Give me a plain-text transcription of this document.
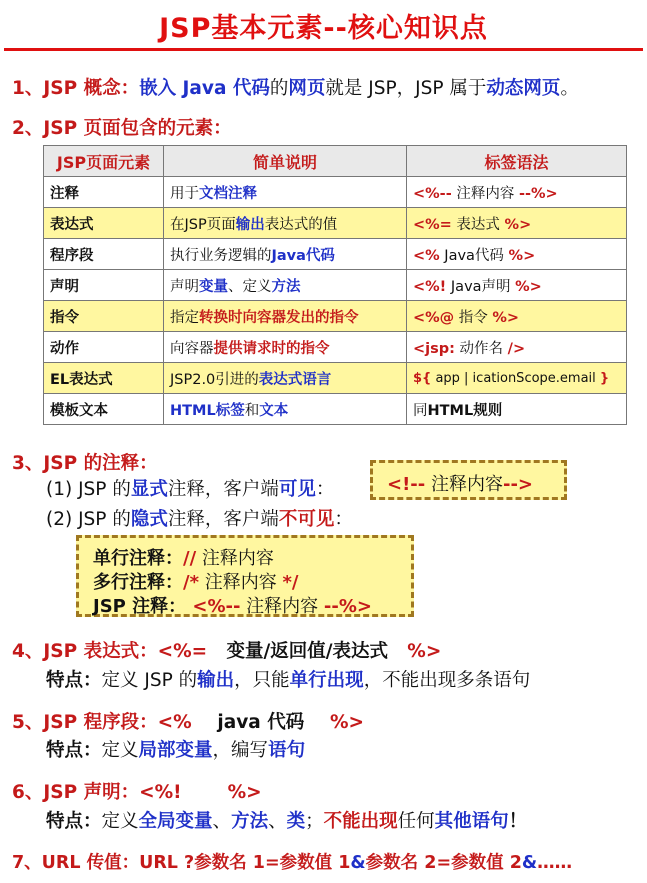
JSP基本元素--核心知识点
1、JSP 概念：嵌入 Java 代码的网页就是 JSP，JSP 属于动态网页。
2、JSP 页面包含的元素：
JSP页面元素	简单说明	标签语法
注释	用于文档注释	<%-- 注释内容 --%>
表达式	在JSP页面输出表达式的值	<%= 表达式 %>
程序段	执行业务逻辑的Java代码	<% Java代码 %>
声明	声明变量、定义方法	<%! Java声明 %>
指令	指定转换时向容器发出的指令	<%@ 指令 %>
动作	向容器提供请求时的指令	<jsp: 动作名 />
EL表达式	JSP2.0引进的表达式语言	${ app | icationScope.email }
模板文本	HTML标签和文本	同HTML规则
3、JSP 的注释：
(1) JSP 的显式注释，客户端可见：
(2) JSP 的隐式注释，客户端不可见：
<!-- 注释内容-->
单行注释：// 注释内容
多行注释：/* 注释内容 */
JSP 注释： <%-- 注释内容 --%>
4、JSP 表达式：<%=   变量/返回值/表达式   %>
特点：定义 JSP 的输出，只能单行出现，不能出现多条语句
5、JSP 程序段：<%    java 代码    %>
特点：定义局部变量，编写语句
6、JSP 声明：<%! %>
特点：定义全局变量、方法、类；不能出现任何其他语句！
7、URL 传值：URL ?参数名 1=参数值 1&参数名 2=参数值 2&……
